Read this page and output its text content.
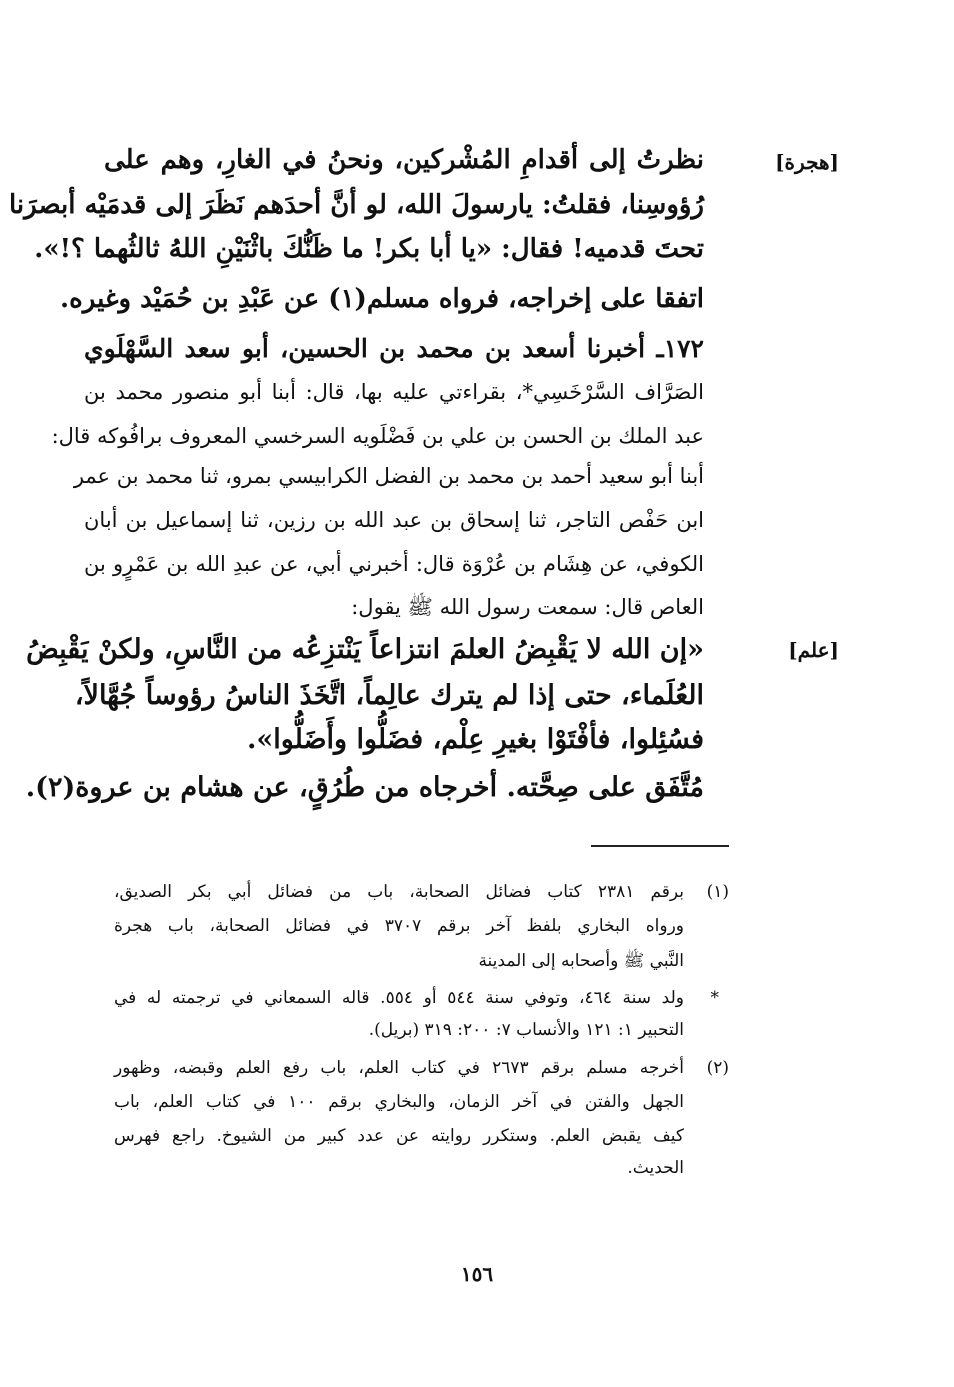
[هجرة]
[علم]
نظرتُ إلى أقدامِ المُشْركين، ونحنُ في الغارِ، وهم على
رُؤوسِنا، فقلتُ: يارسولَ الله، لو أنَّ أحدَهم نَظَرَ إلى قدمَيْه أبصرَنا
تحتَ قدميه! فقال: «يا أبا بكر! ما ظَنُّكَ باثْنَيْنِ اللهُ ثالثُهما ؟!».
اتفقا على إخراجه، فرواه مسلم(١) عن عَبْدِ بن حُمَيْد وغيره.
١٧٢ـ أخبرنا أسعد بن محمد بن الحسين، أبو سعد السَّهْلَوي
الصَرَّاف السَّرْخَسِي*، بقراءتي عليه بها، قال: أبنا أبو منصور محمد بن
عبد الملك بن الحسن بن علي بن فَضْلَويه السرخسي المعروف برافُوكه قال:
أبنا أبو سعيد أحمد بن محمد بن الفضل الكرابيسي بمرو، ثنا محمد بن عمر
ابن حَفْص التاجر، ثنا إسحاق بن عبد الله بن رزين، ثنا إسماعيل بن أبان
الكوفي، عن هِشَام بن عُرْوَة قال: أخبرني أبي، عن عبدِ الله بن عَمْرٍو بن
العاص قال: سمعت رسول الله ﷺ يقول:
«إن الله لا يَقْبِضُ العلمَ انتزاعاً يَنْتزِعُه من النَّاسِ، ولكنْ يَقْبِضُ
العُلَماء، حتى إذا لم يترك عالِماً، اتَّخَذَ الناسُ رؤوساً جُهَّالاً،
فسُئِلوا، فأفْتَوْا بغيرِ عِلْم، فضَلُّوا وأَضَلُّوا».
مُتَّفَق على صِحَّته. أخرجاه من طُرُقٍ، عن هشام بن عروة(٢).
(١)
برقم ٢٣٨١ كتاب فضائل الصحابة، باب من فضائل أبي بكر الصديق،
ورواه البخاري بلفظ آخر برقم ٣٧٠٧ في فضائل الصحابة، باب هجرة
النَّبي ﷺ وأصحابه إلى المدينة
*
ولد سنة ٤٦٤، وتوفي سنة ٥٤٤ أو ٥٥٤. قاله السمعاني في ترجمته له في
التحبير ١: ١٢١ والأنساب ٧: ٢٠٠: ٣١٩ (بريل).
(٢)
أخرجه مسلم برقم ٢٦٧٣ في كتاب العلم، باب رفع العلم وقبضه، وظهور
الجهل والفتن في آخر الزمان، والبخاري برقم ١٠٠ في كتاب العلم، باب
كيف يقبض العلم. وستكرر روايته عن عدد كبير من الشيوخ. راجع فهرس
الحديث.
١٥٦
